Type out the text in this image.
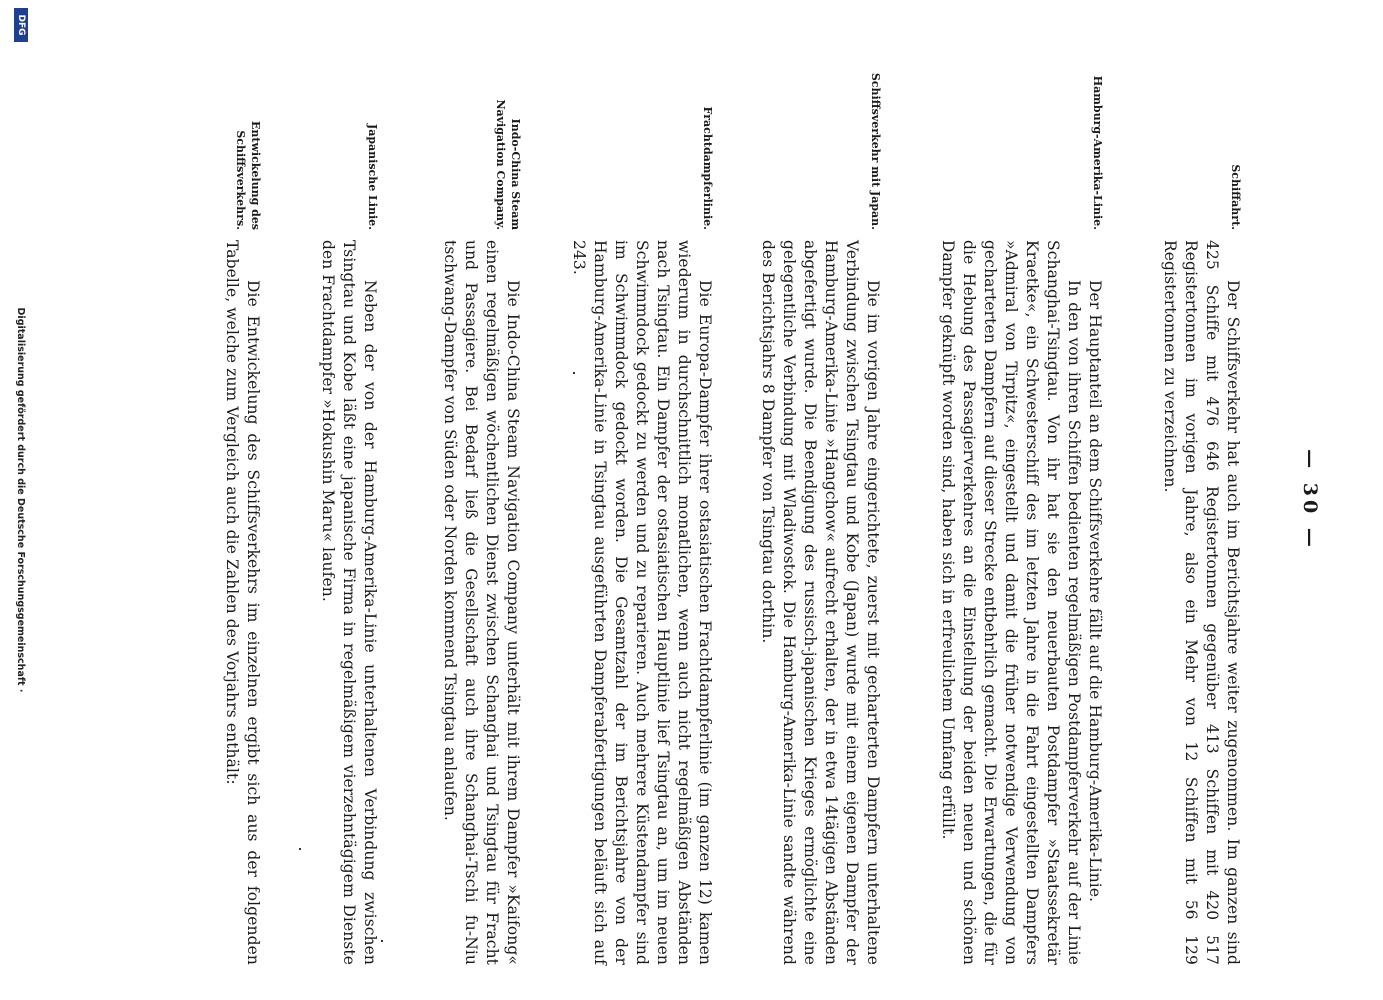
— 30 —
Schiffahrt.

Der Schiffsverkehr hat auch im Berichtsjahre weiter zugenommen. Im ganzen sind 425 Schiffe mit 476 646 Registertonnen gegenüber 413 Schiffen mit 420 517 Registertonnen im vorigen Jahre, also ein Mehr von 12 Schiffen mit 56 129 Registertonnen zu verzeichnen.

Hamburg-Amerika-Linie.

Der Hauptanteil an dem Schiffsverkehre fällt auf die Hamburg-Amerika-Linie.

In den von ihren Schiffen bedienten regelmäßigen Postdampferverkehr auf der Linie Schanghai-Tsingtau. Von ihr hat sie den neuerbauten Postdampfer »Staatssekretär Kraetke«, ein Schwesterschiff des im letzten Jahre in die Fahrt eingestellten Dampfers »Admiral von Tirpitz«, eingestellt und damit die früher notwendige Verwendung von gecharterten Dampfern auf dieser Strecke entbehrlich gemacht. Die Erwartungen, die für die Hebung des Passagierverkehres an die Einstellung der beiden neuen und schönen Dampfer geknüpft worden sind, haben sich in erfreulichem Umfang erfüllt.

Schiffsverkehr mit Japan.

Die im vorigen Jahre eingerichtete, zuerst mit gecharterten Dampfern unterhaltene Verbindung zwischen Tsingtau und Kobe (Japan) wurde mit einem eigenen Dampfer der Hamburg-Amerika-Linie »Hangchow« aufrecht erhalten, der in etwa 14tägigen Abständen abgefertigt wurde. Die Beendigung des russisch-japanischen Krieges ermöglichte eine gelegentliche Verbindung mit Wladiwostok. Die Hamburg-Amerika-Linie sandte während des Berichtsjahrs 8 Dampfer von Tsingtau dorthin.

Frachtdampferlinie.

Die Europa-Dampfer ihrer ostasiatischen Frachtdampferlinie (im ganzen 12) kamen wiederum in durchschnittlich monatlichen, wenn auch nicht regelmäßigen Abständen nach Tsingtau. Ein Dampfer der ostasiatischen Hauptlinie lief Tsingtau an, um im neuen Schwimmdock gedockt zu werden und zu reparieren. Auch mehrere Küstendampfer sind im Schwimmdock gedockt worden. Die Gesamtzahl der im Berichtsjahre von der Hamburg-Amerika-Linie in Tsingtau ausgeführten Dampferabfertigungen beläuft sich auf 243.

Indo-China Steam Navigation Company.

Die Indo-China Steam Navigation Company unterhält mit ihrem Dampfer »Kaifong« einen regelmäßigen wöchentlichen Dienst zwischen Schanghai und Tsingtau für Fracht und Passagiere. Bei Bedarf ließ die Gesellschaft auch ihre Schanghai-Tschi fu-Niu tschwang-Dampfer von Süden oder Norden kommend Tsingtau anlaufen.

Japanische Linie.

Neben der von der Hamburg-Amerika-Linie unterhaltenen Verbindung zwischen Tsingtau und Kobe läßt eine japanische Firma in regelmäßigem vierzehntägigem Dienste den Frachtdampfer »Hokushin Maru« laufen.

Entwickelung des Schiffsverkehrs.

Die Entwickelung des Schiffsverkehrs im einzelnen ergibt sich aus der folgenden Tabelle, welche zum Vergleich auch die Zahlen des Vorjahrs enthält:

DFG
Digitalisierung gefördert durch die Deutsche Forschungsgemeinschaft ·
